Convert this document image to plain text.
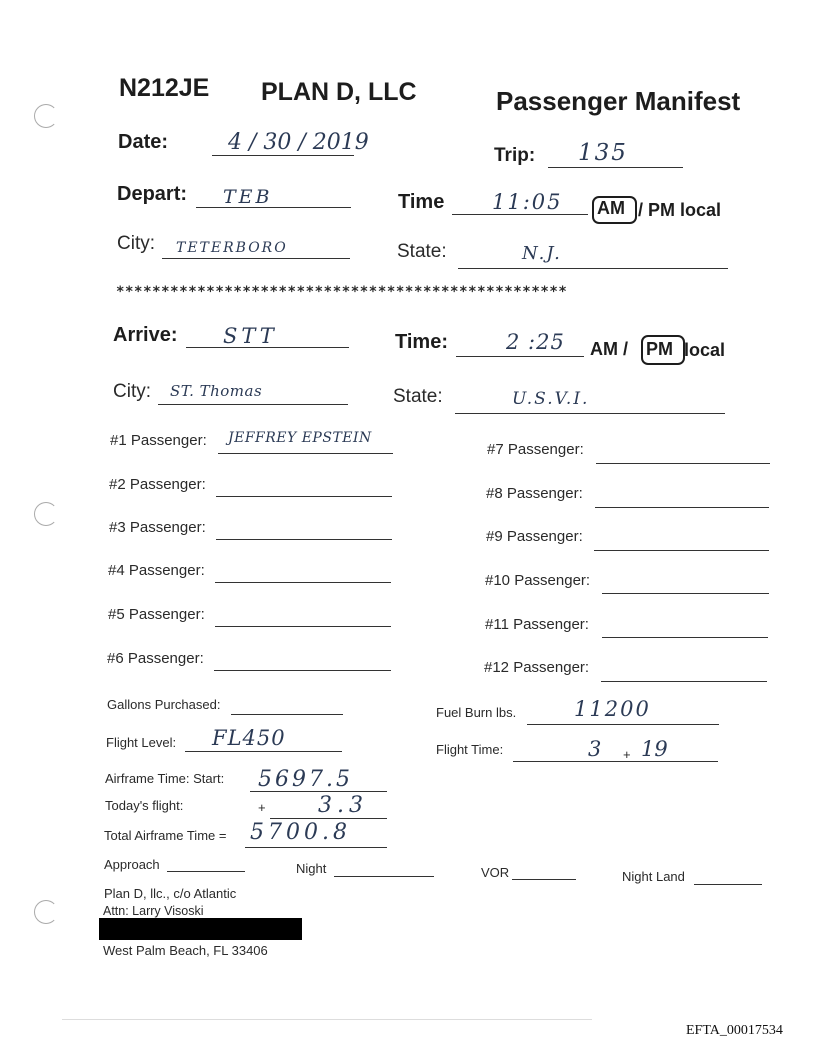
N212JE PLAN D, LLC	Passenger Manifest
Date:	4 / 30 / 2019
Trip: 135
Depart: TEB	Time 11:05 AM / PM local
City: TETERBORO	State:	N.J.
**************************************************
Arrive: STT	Time:	2 :25 AM / PM local
City: ST. Thomas	State:	U.S.V.I.
#1 Passenger: JEFFREY EPSTEIN
#2 Passenger:
#3 Passenger:
#4 Passenger:
#5 Passenger:
#6 Passenger:
#7 Passenger:
#8 Passenger:
#9 Passenger:
#10 Passenger:
#11 Passenger:
#12 Passenger:
Gallons Purchased:
Fuel Burn lbs.	11200
Flight Level: FL450	Flight Time:	3 + 19
Airframe Time: Start: 5697.5
Today's flight:	+ 3.3
Total Airframe Time = 5700.8
Approach	Night	VOR	Night Land
Plan D, llc., c/o Atlantic
Attn: Larry Visoski
West Palm Beach, FL 33406
EFTA_00017534
